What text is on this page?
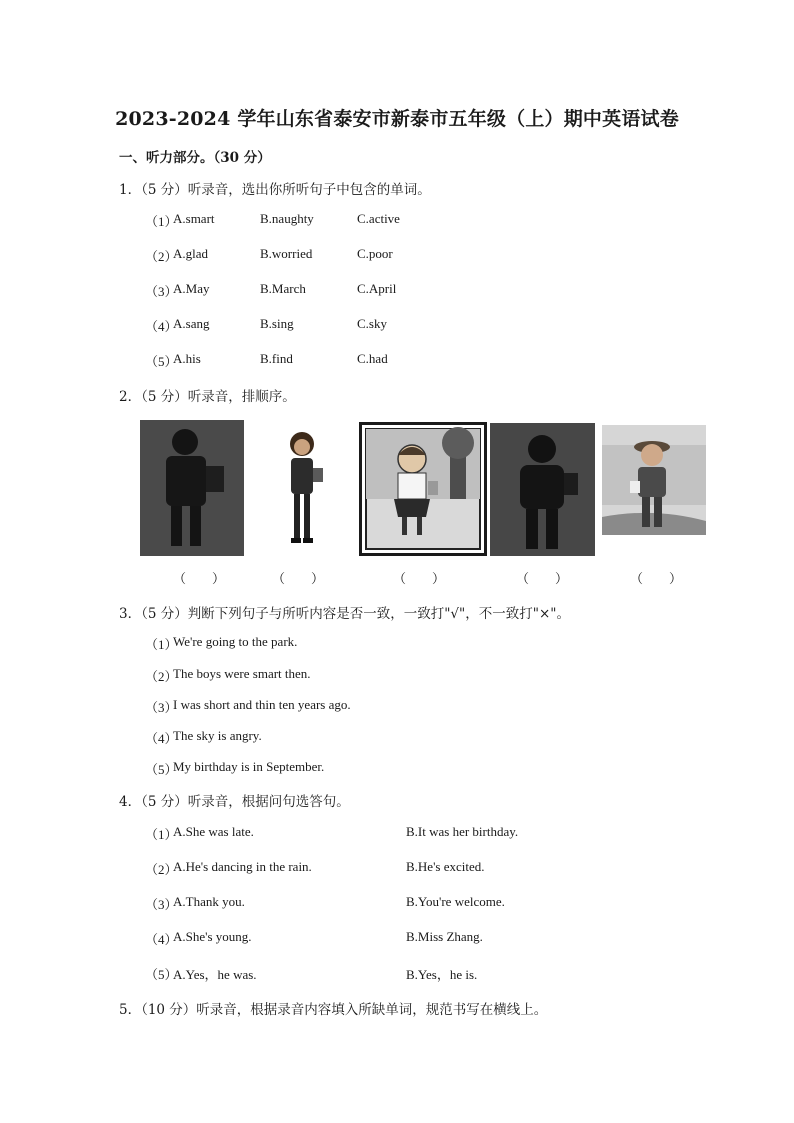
2023-2024 学年山东省泰安市新泰市五年级（上）期中英语试卷
一、听力部分。（30 分）
1．（5 分）听录音，选出你所听句子中包含的单词。
（1）
A.smart	B.naughty	C.active
（2）
A.glad	B.worried	C.poor
（3）
A.May	B.March	C.April
（4）
A.sang	B.sing	C.sky
（5）
A.his	B.find	C.had
2．（5 分）听录音，排顺序。
（　　）	（　　）	（　　）	（　　）	（　　）
3．（5 分）判断下列句子与所听内容是否一致，一致打"√"，不一致打"×"。
（1）
We're going to the park.
（2）
The boys were smart then.
（3）
I was short and thin ten years ago.
（4）
The sky is angry.
（5）
My birthday is in September.
4．（5 分）听录音，根据问句选答句。
（1）
A.She was late.	B.It was her birthday.
（2）
A.He's dancing in the rain.	B.He's excited.
（3）
A.Thank you.	B.You're welcome.
（4）
A.She's young.	B.Miss Zhang.
（5）
A.Yes，he was.	B.Yes，he is.
5．（10 分）听录音，根据录音内容填入所缺单词，规范书写在横线上。
